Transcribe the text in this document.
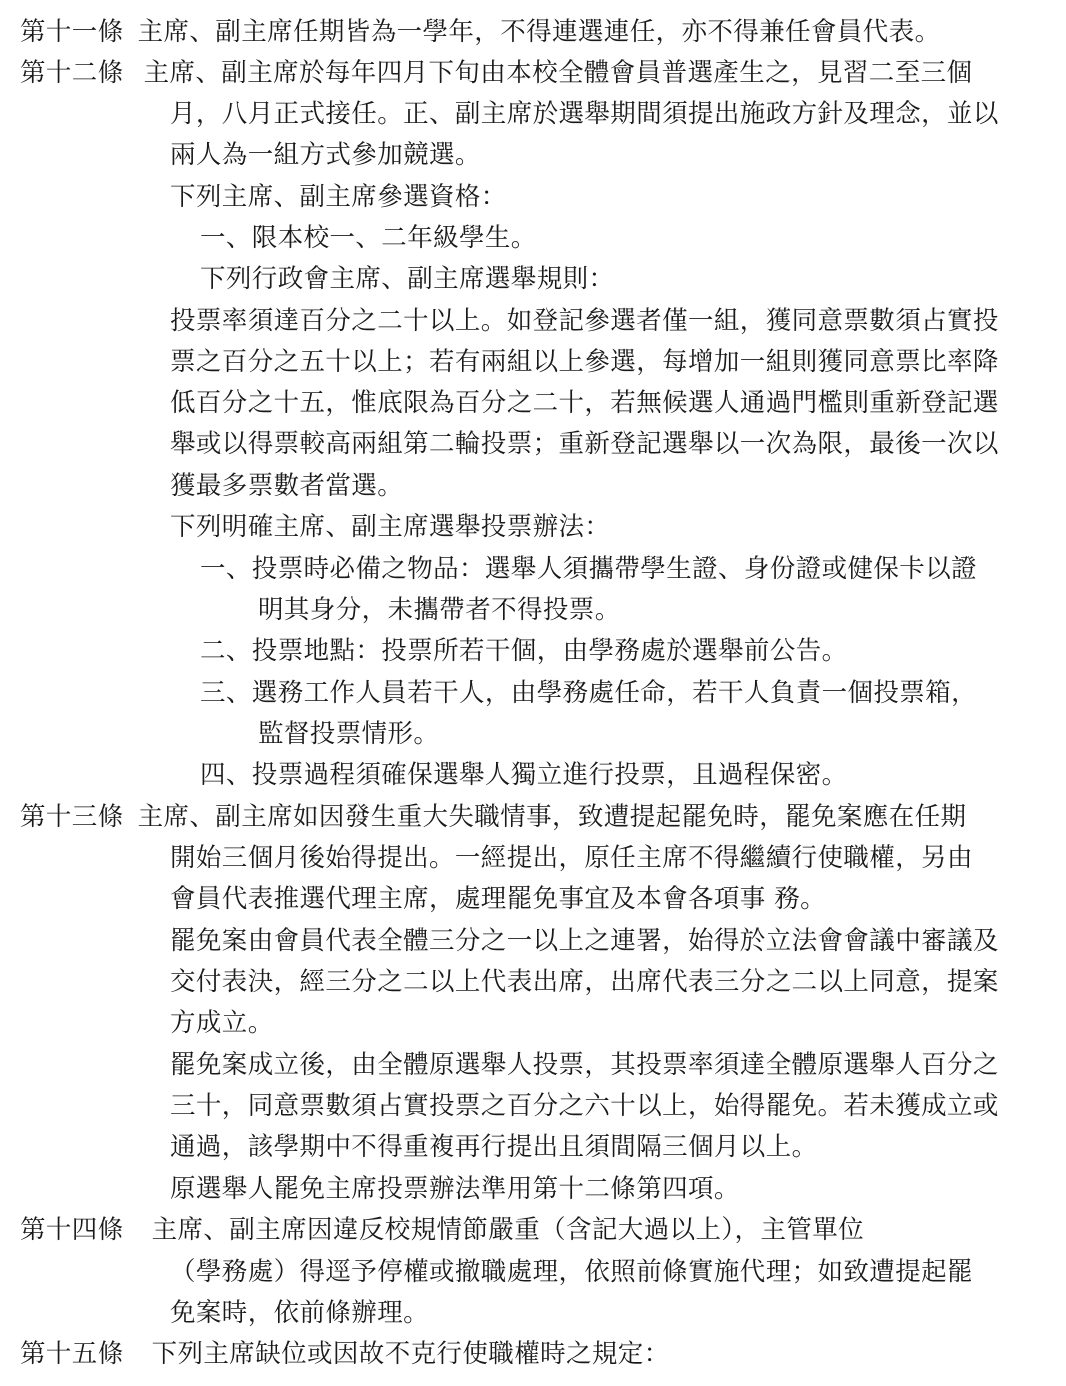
第十一條 主席、副主席任期皆為一學年，不得連選連任，亦不得兼任會員代表。
第十二條 主席、副主席於每年四月下旬由本校全體會員普選產生之，見習二至三個
月，八月正式接任。正、副主席於選舉期間須提出施政方針及理念，並以
兩人為一組方式參加競選。
下列主席、副主席參選資格：
一、限本校一、二年級學生。
下列行政會主席、副主席選舉規則：
投票率須達百分之二十以上。如登記參選者僅一組，獲同意票數須占實投
票之百分之五十以上；若有兩組以上參選，每增加一組則獲同意票比率降
低百分之十五，惟底限為百分之二十，若無候選人通過門檻則重新登記選
舉或以得票較高兩組第二輪投票；重新登記選舉以一次為限，最後一次以
獲最多票數者當選。
下列明確主席、副主席選舉投票辦法：
一、投票時必備之物品：選舉人須攜帶學生證、身份證或健保卡以證
明其身分，未攜帶者不得投票。
二、投票地點：投票所若干個，由學務處於選舉前公告。
三、選務工作人員若干人，由學務處任命，若干人負責一個投票箱，
監督投票情形。
四、投票過程須確保選舉人獨立進行投票，且過程保密。
第十三條 主席、副主席如因發生重大失職情事，致遭提起罷免時，罷免案應在任期
開始三個月後始得提出。一經提出，原任主席不得繼續行使職權，另由
會員代表推選代理主席，處理罷免事宜及本會各項事 務。
罷免案由會員代表全體三分之一以上之連署，始得於立法會會議中審議及
交付表決，經三分之二以上代表出席，出席代表三分之二以上同意，提案
方成立。
罷免案成立後，由全體原選舉人投票，其投票率須達全體原選舉人百分之
三十，同意票數須占實投票之百分之六十以上，始得罷免。若未獲成立或
通過，該學期中不得重複再行提出且須間隔三個月以上。
原選舉人罷免主席投票辦法準用第十二條第四項。
第十四條 主席、副主席因違反校規情節嚴重（含記大過以上），主管單位
（學務處）得逕予停權或撤職處理，依照前條實施代理；如致遭提起罷
免案時，依前條辦理。
第十五條 下列主席缺位或因故不克行使職權時之規定：
